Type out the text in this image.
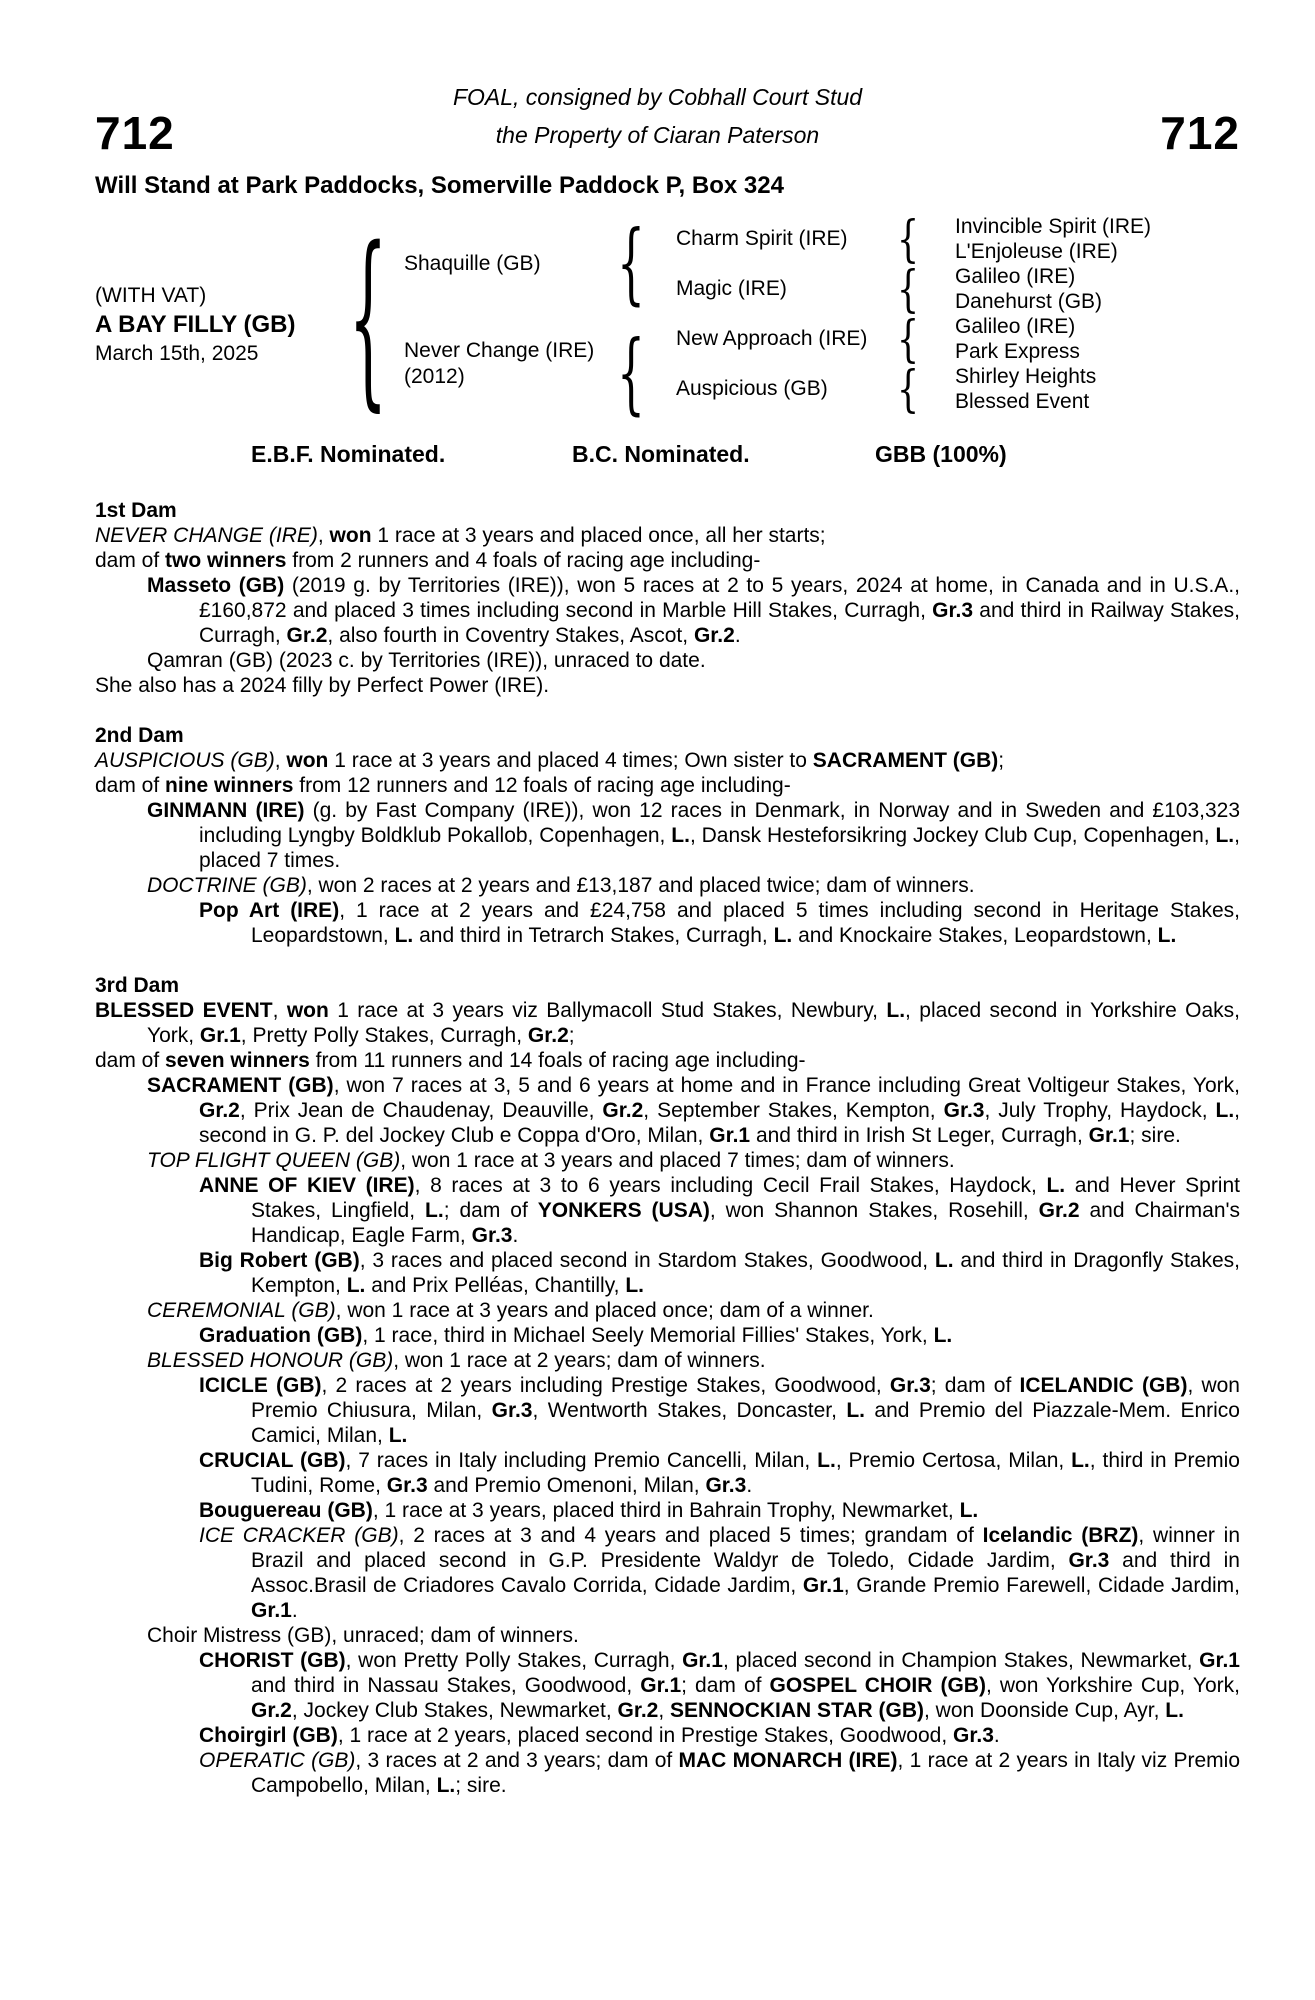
FOAL, consigned by Cobhall Court Stud
712	712
the Property of Ciaran Paterson
Will Stand at Park Paddocks, Somerville Paddock P, Box 324
(WITH VAT)
A BAY FILLY (GB)
March 15th, 2025
{
Shaquille (GB)
Never Change (IRE)
(2012)
{
{
Charm Spirit (IRE)
Magic (IRE)
New Approach (IRE)
Auspicious (GB)
{
{
{
{
Invincible Spirit (IRE)
L'Enjoleuse (IRE)
Galileo (IRE)
Danehurst (GB)
Galileo (IRE)
Park Express
Shirley Heights
Blessed Event
E.B.F. Nominated.	B.C. Nominated.	GBB (100%)
1st Dam
NEVER CHANGE (IRE), won 1 race at 3 years and placed once, all her starts;
dam of two winners from 2 runners and 4 foals of racing age including-
Masseto (GB) (2019 g. by Territories (IRE)), won 5 races at 2 to 5 years, 2024 at home, in Canada and in U.S.A., £160,872 and placed 3 times including second in Marble Hill Stakes, Curragh, Gr.3 and third in Railway Stakes, Curragh, Gr.2, also fourth in Coventry Stakes, Ascot, Gr.2.
Qamran (GB) (2023 c. by Territories (IRE)), unraced to date.
She also has a 2024 filly by Perfect Power (IRE).
2nd Dam
AUSPICIOUS (GB), won 1 race at 3 years and placed 4 times; Own sister to SACRAMENT (GB);
dam of nine winners from 12 runners and 12 foals of racing age including-
GINMANN (IRE) (g. by Fast Company (IRE)), won 12 races in Denmark, in Norway and in Sweden and £103,323 including Lyngby Boldklub Pokallob, Copenhagen, L., Dansk Hesteforsikring Jockey Club Cup, Copenhagen, L., placed 7 times.
DOCTRINE (GB), won 2 races at 2 years and £13,187 and placed twice; dam of winners.
Pop Art (IRE), 1 race at 2 years and £24,758 and placed 5 times including second in Heritage Stakes, Leopardstown, L. and third in Tetrarch Stakes, Curragh, L. and Knockaire Stakes, Leopardstown, L.
3rd Dam
BLESSED EVENT, won 1 race at 3 years viz Ballymacoll Stud Stakes, Newbury, L., placed second in Yorkshire Oaks, York, Gr.1, Pretty Polly Stakes, Curragh, Gr.2;
dam of seven winners from 11 runners and 14 foals of racing age including-
SACRAMENT (GB), won 7 races at 3, 5 and 6 years at home and in France including Great Voltigeur Stakes, York, Gr.2, Prix Jean de Chaudenay, Deauville, Gr.2, September Stakes, Kempton, Gr.3, July Trophy, Haydock, L., second in G. P. del Jockey Club e Coppa d'Oro, Milan, Gr.1 and third in Irish St Leger, Curragh, Gr.1; sire.
TOP FLIGHT QUEEN (GB), won 1 race at 3 years and placed 7 times; dam of winners.
ANNE OF KIEV (IRE), 8 races at 3 to 6 years including Cecil Frail Stakes, Haydock, L. and Hever Sprint Stakes, Lingfield, L.; dam of YONKERS (USA), won Shannon Stakes, Rosehill, Gr.2 and Chairman's Handicap, Eagle Farm, Gr.3.
Big Robert (GB), 3 races and placed second in Stardom Stakes, Goodwood, L. and third in Dragonfly Stakes, Kempton, L. and Prix Pelléas, Chantilly, L.
CEREMONIAL (GB), won 1 race at 3 years and placed once; dam of a winner.
Graduation (GB), 1 race, third in Michael Seely Memorial Fillies' Stakes, York, L.
BLESSED HONOUR (GB), won 1 race at 2 years; dam of winners.
ICICLE (GB), 2 races at 2 years including Prestige Stakes, Goodwood, Gr.3; dam of ICELANDIC (GB), won Premio Chiusura, Milan, Gr.3, Wentworth Stakes, Doncaster, L. and Premio del Piazzale-Mem. Enrico Camici, Milan, L.
CRUCIAL (GB), 7 races in Italy including Premio Cancelli, Milan, L., Premio Certosa, Milan, L., third in Premio Tudini, Rome, Gr.3 and Premio Omenoni, Milan, Gr.3.
Bouguereau (GB), 1 race at 3 years, placed third in Bahrain Trophy, Newmarket, L.
ICE CRACKER (GB), 2 races at 3 and 4 years and placed 5 times; grandam of Icelandic (BRZ), winner in Brazil and placed second in G.P. Presidente Waldyr de Toledo, Cidade Jardim, Gr.3 and third in Assoc.Brasil de Criadores Cavalo Corrida, Cidade Jardim, Gr.1, Grande Premio Farewell, Cidade Jardim, Gr.1.
Choir Mistress (GB), unraced; dam of winners.
CHORIST (GB), won Pretty Polly Stakes, Curragh, Gr.1, placed second in Champion Stakes, Newmarket, Gr.1 and third in Nassau Stakes, Goodwood, Gr.1; dam of GOSPEL CHOIR (GB), won Yorkshire Cup, York, Gr.2, Jockey Club Stakes, Newmarket, Gr.2, SENNOCKIAN STAR (GB), won Doonside Cup, Ayr, L.
Choirgirl (GB), 1 race at 2 years, placed second in Prestige Stakes, Goodwood, Gr.3.
OPERATIC (GB), 3 races at 2 and 3 years; dam of MAC MONARCH (IRE), 1 race at 2 years in Italy viz Premio Campobello, Milan, L.; sire.
